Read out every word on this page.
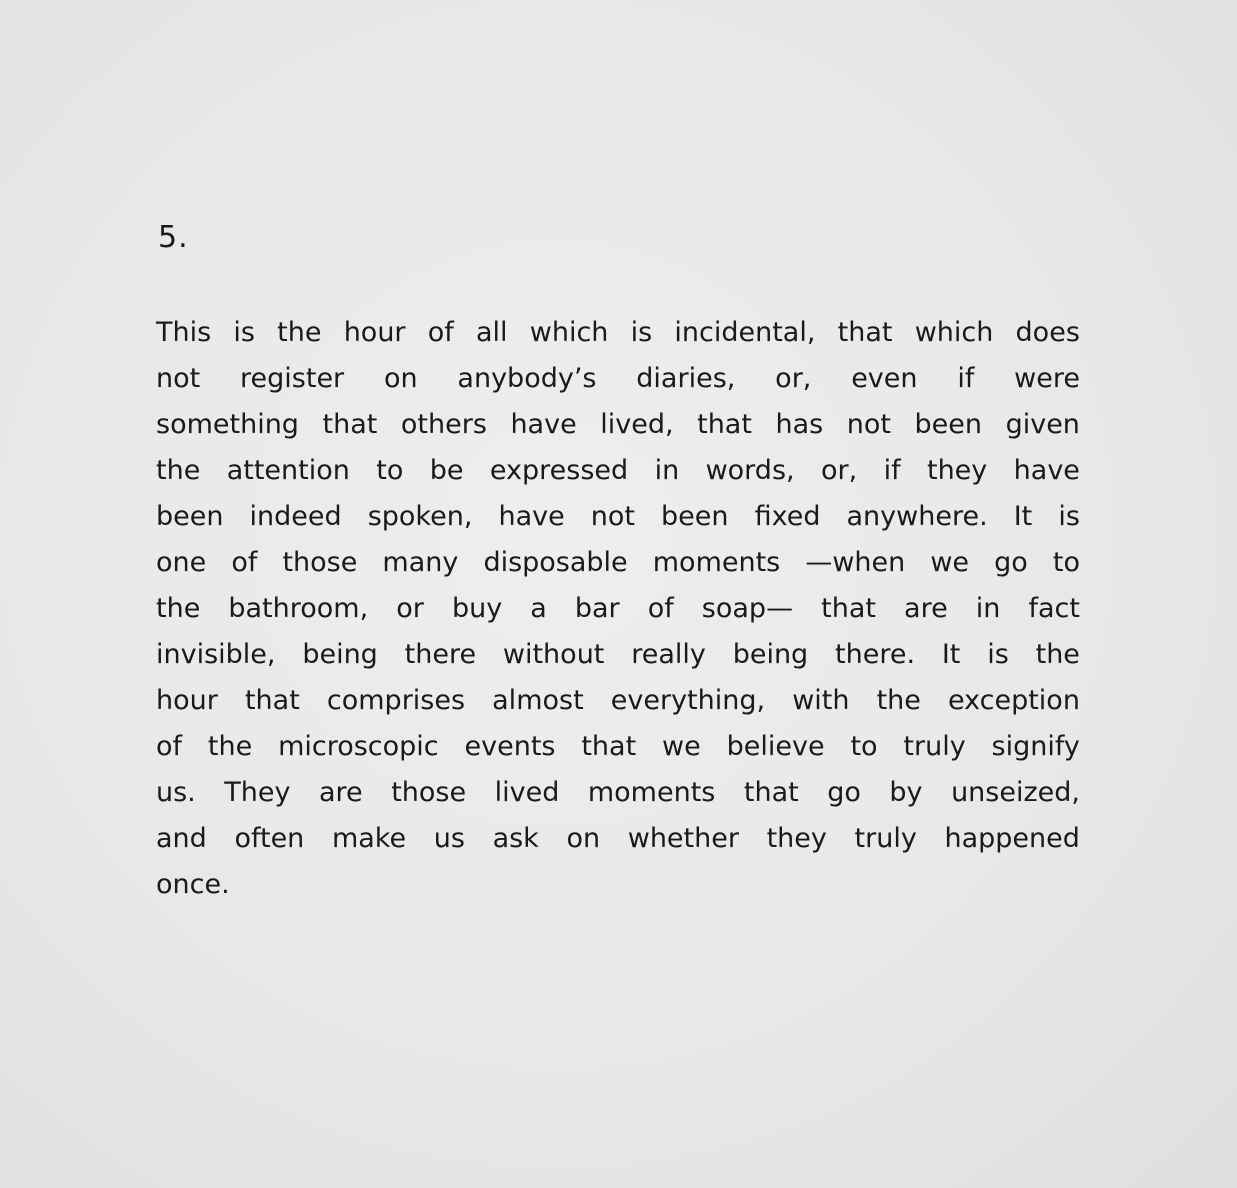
5.

This is the hour of all which is incidental, that which does
not register on anybody’s diaries, or, even if were
something that others have lived, that has not been given
the attention to be expressed in words, or, if they have
been indeed spoken, have not been fixed anywhere. It is
one of those many disposable moments —when we go to
the bathroom, or buy a bar of soap— that are in fact
invisible, being there without really being there. It is the
hour that comprises almost everything, with the exception
of the microscopic events that we believe to truly signify
us. They are those lived moments that go by unseized,
and often make us ask on whether they truly happened
once.
